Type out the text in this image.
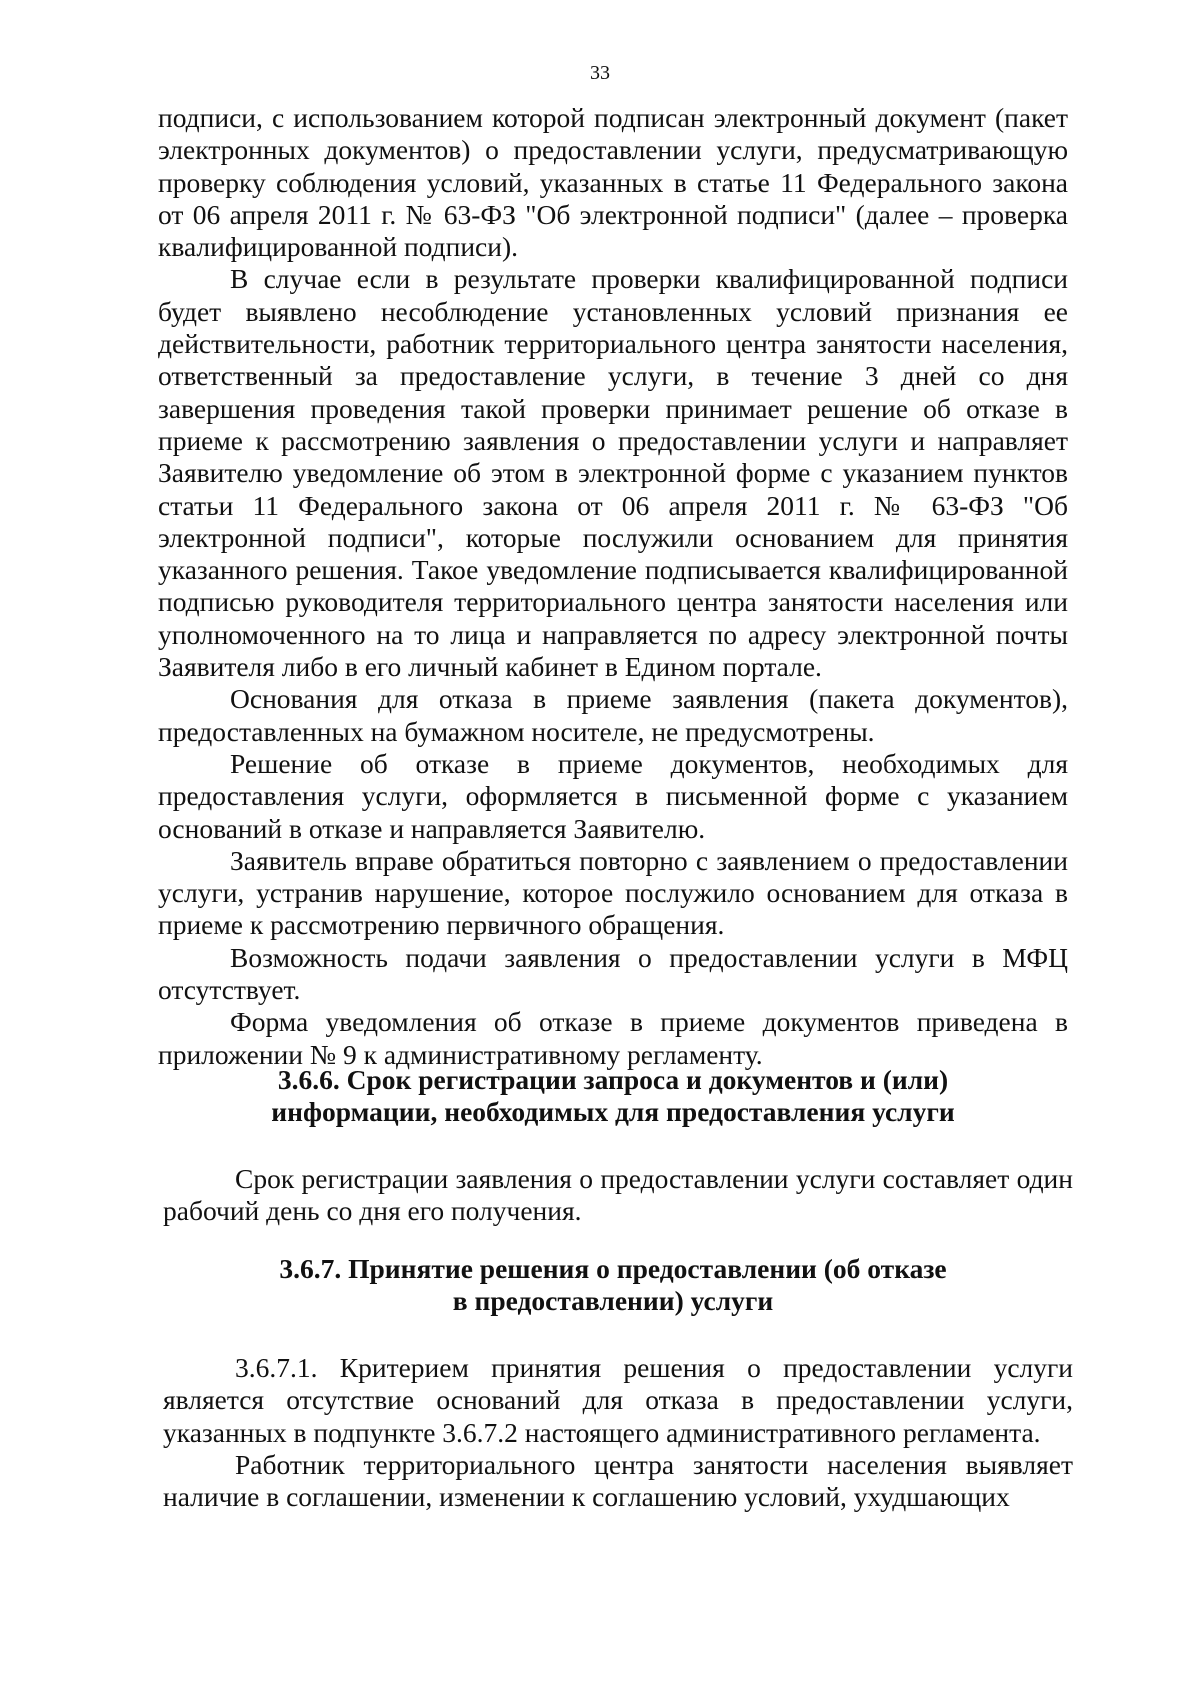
33

подписи, с использованием которой подписан электронный документ (пакет электронных документов) о предоставлении услуги, предусматривающую проверку соблюдения условий, указанных в статье 11 Федерального закона от 06 апреля 2011 г. № 63-ФЗ "Об электронной подписи" (далее – проверка квалифицированной подписи).

В случае если в результате проверки квалифицированной подписи будет выявлено несоблюдение установленных условий признания ее действительности, работник территориального центра занятости населения, ответственный за предоставление услуги, в течение 3 дней со дня завершения проведения такой проверки принимает решение об отказе в приеме к рассмотрению заявления о предоставлении услуги и направляет Заявителю уведомление об этом в электронной форме с указанием пунктов статьи 11 Федерального закона от 06 апреля 2011 г. № 63-ФЗ "Об электронной подписи", которые послужили основанием для принятия указанного решения. Такое уведомление подписывается квалифицированной подписью руководителя территориального центра занятости населения или уполномоченного на то лица и направляется по адресу электронной почты Заявителя либо в его личный кабинет в Едином портале.

Основания для отказа в приеме заявления (пакета документов), предоставленных на бумажном носителе, не предусмотрены.

Решение об отказе в приеме документов, необходимых для предоставления услуги, оформляется в письменной форме с указанием оснований в отказе и направляется Заявителю.

Заявитель вправе обратиться повторно с заявлением о предоставлении услуги, устранив нарушение, которое послужило основанием для отказа в приеме к рассмотрению первичного обращения.

Возможность подачи заявления о предоставлении услуги в МФЦ отсутствует.

Форма уведомления об отказе в приеме документов приведена в приложении № 9 к административному регламенту.

3.6.6. Срок регистрации запроса и документов и (или)
информации, необходимых для предоставления услуги

Срок регистрации заявления о предоставлении услуги составляет один рабочий день со дня его получения.

3.6.7. Принятие решения о предоставлении (об отказе
в предоставлении) услуги

3.6.7.1. Критерием принятия решения о предоставлении услуги является отсутствие оснований для отказа в предоставлении услуги, указанных в подпункте 3.6.7.2 настоящего административного регламента.

Работник территориального центра занятости населения выявляет наличие в соглашении, изменении к соглашению условий, ухудшающих
